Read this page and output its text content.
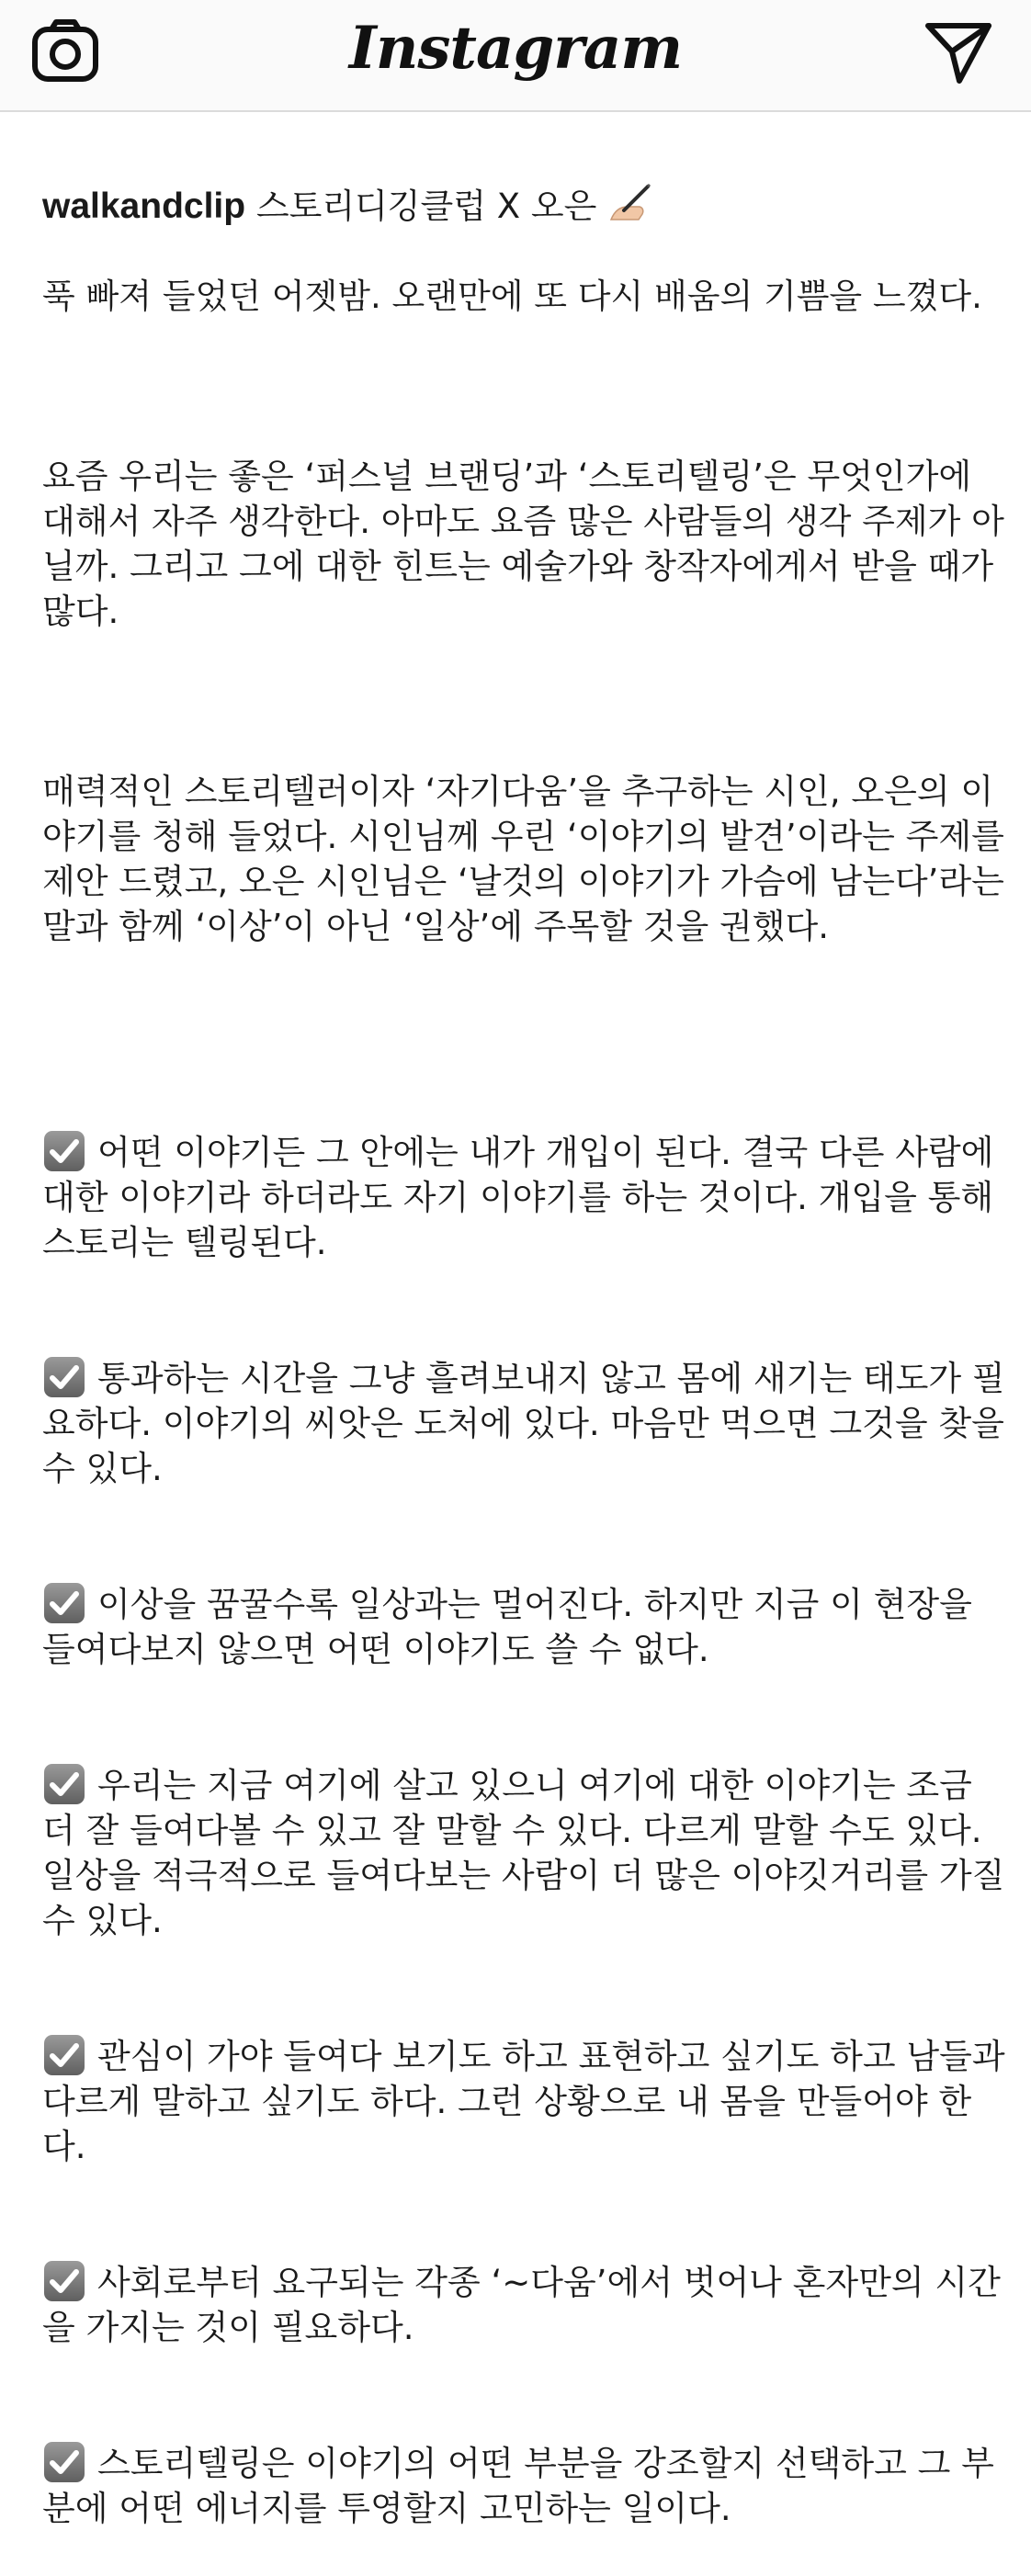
Instagram

walkandclip 스토리디깅클럽 X 오은

푹 빠져 들었던 어젯밤. 오랜만에 또 다시 배움의 기쁨을 느꼈다.

요즘 우리는 좋은 ‘퍼스널 브랜딩’과 ‘스토리텔링’은 무엇인가에 대해서 자주 생각한다. 아마도 요즘 많은 사람들의 생각 주제가 아닐까. 그리고 그에 대한 힌트는 예술가와 창작자에게서 받을 때가 많다.

매력적인 스토리텔러이자 ‘자기다움’을 추구하는 시인, 오은의 이야기를 청해 들었다. 시인님께 우린 ‘이야기의 발견’이라는 주제를 제안 드렸고, 오은 시인님은 ‘날것의 이야기가 가슴에 남는다’라는 말과 함께 ‘이상’이 아닌 ‘일상’에 주목할 것을 권했다.

어떤 이야기든 그 안에는 내가 개입이 된다. 결국 다른 사람에 대한 이야기라 하더라도 자기 이야기를 하는 것이다. 개입을 통해 스토리는 텔링된다.

통과하는 시간을 그냥 흘려보내지 않고 몸에 새기는 태도가 필요하다. 이야기의 씨앗은 도처에 있다. 마음만 먹으면 그것을 찾을 수 있다.

이상을 꿈꿀수록 일상과는 멀어진다. 하지만 지금 이 현장을 들여다보지 않으면 어떤 이야기도 쓸 수 없다.

우리는 지금 여기에 살고 있으니 여기에 대한 이야기는 조금 더 잘 들여다볼 수 있고 잘 말할 수 있다. 다르게 말할 수도 있다. 일상을 적극적으로 들여다보는 사람이 더 많은 이야깃거리를 가질 수 있다.

관심이 가야 들여다 보기도 하고 표현하고 싶기도 하고 남들과 다르게 말하고 싶기도 하다. 그런 상황으로 내 몸을 만들어야 한다.

사회로부터 요구되는 각종 ‘~다움’에서 벗어나 혼자만의 시간을 가지는 것이 필요하다.

스토리텔링은 이야기의 어떤 부분을 강조할지 선택하고 그 부분에 어떤 에너지를 투영할지 고민하는 일이다.
